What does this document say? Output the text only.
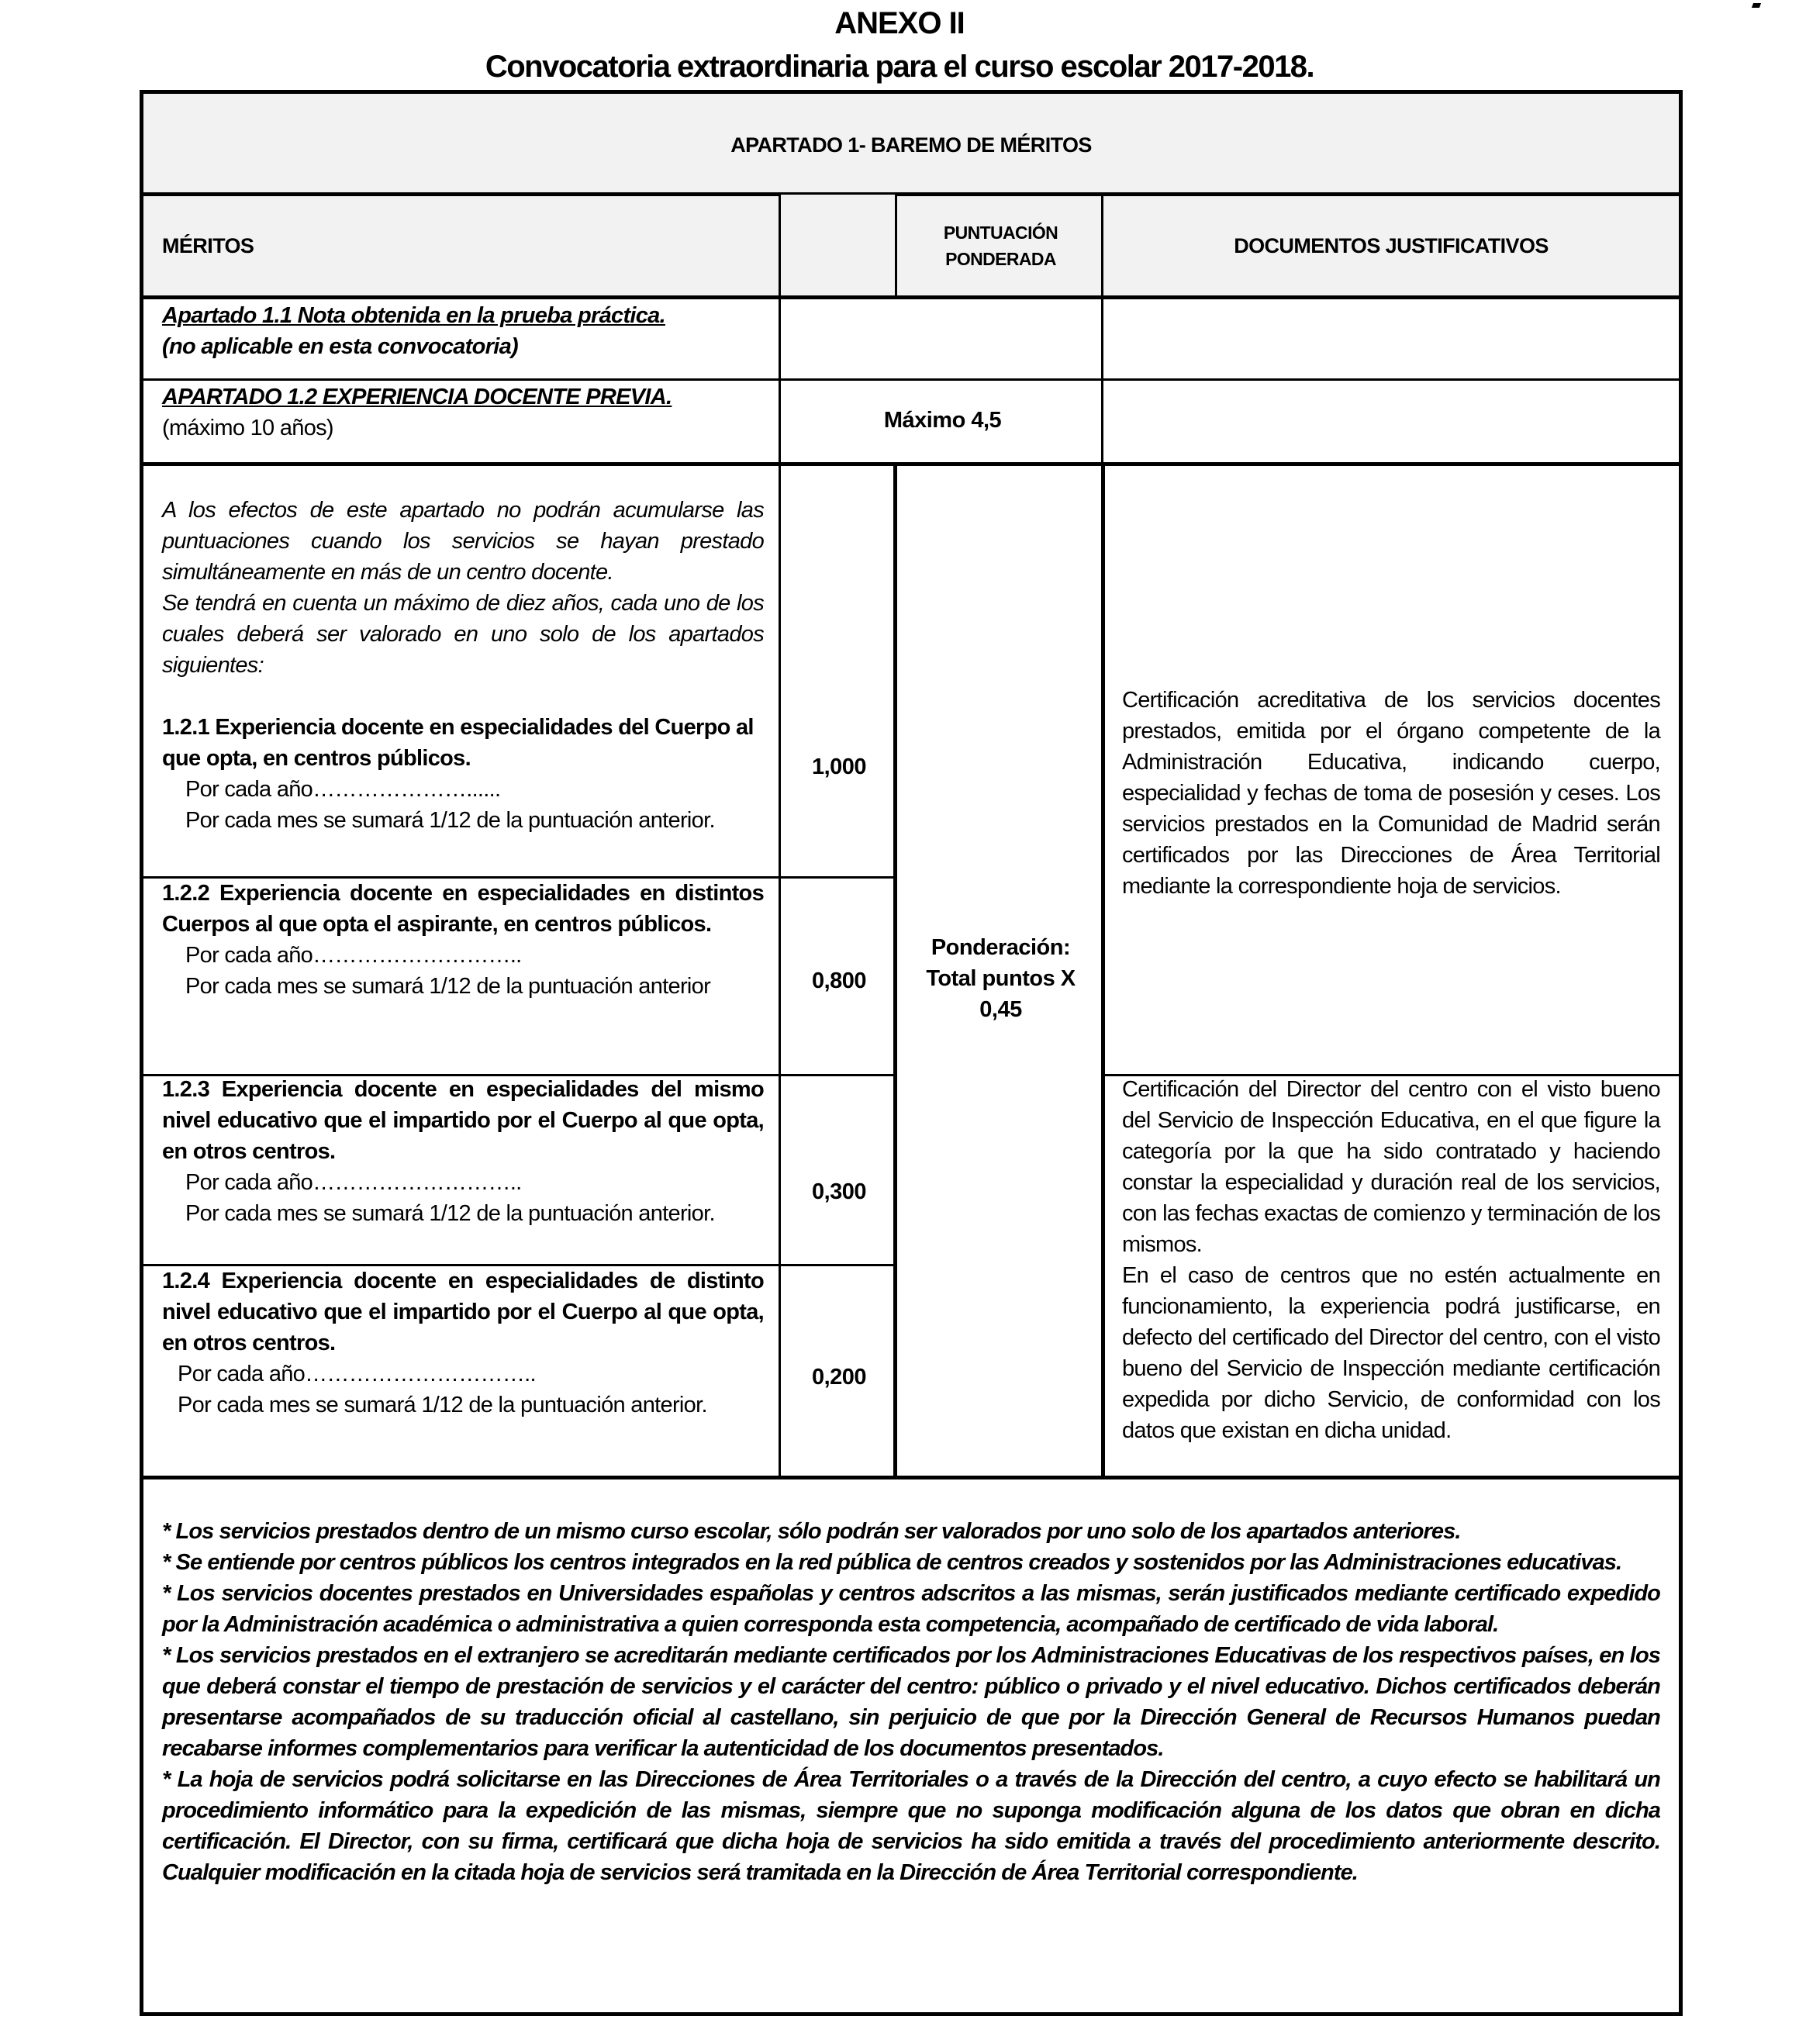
ANEXO II
Convocatoria extraordinaria para el curso escolar 2017-2018.
APARTADO 1- BAREMO DE MÉRITOS
MÉRITOS
PUNTUACIÓN
PONDERADA
DOCUMENTOS JUSTIFICATIVOS
Apartado 1.1 Nota obtenida en la prueba práctica.
(no aplicable en esta convocatoria)
APARTADO 1.2 EXPERIENCIA DOCENTE PREVIA.
(máximo 10 años)	Máximo 4,5

A los efectos de este apartado no podrán acumularse las puntuaciones cuando los servicios se hayan prestado simultáneamente en más de un centro docente.

Se tendrá en cuenta un máximo de diez años, cada uno de los cuales deberá ser valorado en uno solo de los apartados siguientes:

1.2.1 Experiencia docente en especialidades del Cuerpo al que opta, en centros públicos.

Por cada año…………………......

Por cada mes se sumará 1/12 de la puntuación anterior.

1,000

1.2.2 Experiencia docente en especialidades en distintos Cuerpos al que opta el aspirante, en centros públicos.

Por cada año………………………..

Por cada mes se sumará 1/12 de la puntuación anterior	0,800

1.2.3 Experiencia docente en especialidades del mismo nivel educativo que el impartido por el Cuerpo al que opta, en otros centros.

Por cada año………………………..

Por cada mes se sumará 1/12 de la puntuación anterior.

0,300

1.2.4 Experiencia docente en especialidades de distinto nivel educativo que el impartido por el Cuerpo al que opta, en otros centros.

Por cada año…………………………..

Por cada mes se sumará 1/12 de la puntuación anterior.

0,200
Ponderación:
Total puntos X
0,45

Certificación acreditativa de los servicios docentes prestados, emitida por el órgano competente de la Administración Educativa, indicando cuerpo, especialidad y fechas de toma de posesión y ceses. Los servicios prestados en la Comunidad de Madrid serán certificados por las Direcciones de Área Territorial mediante la correspondiente hoja de servicios.

Certificación del Director del centro con el visto bueno del Servicio de Inspección Educativa, en el que figure la categoría por la que ha sido contratado y haciendo constar la especialidad y duración real de los servicios, con las fechas exactas de comienzo y terminación de los mismos.

En el caso de centros que no estén actualmente en funcionamiento, la experiencia podrá justificarse, en defecto del certificado del Director del centro, con el visto bueno del Servicio de Inspección mediante certificación expedida por dicho Servicio, de conformidad con los datos que existan en dicha unidad.

* Los servicios prestados dentro de un mismo curso escolar, sólo podrán ser valorados por uno solo de los apartados anteriores.

* Se entiende por centros públicos los centros integrados en la red pública de centros creados y sostenidos por las Administraciones educativas.

* Los servicios docentes prestados en Universidades españolas y centros adscritos a las mismas, serán justificados mediante certificado expedido por la Administración académica o administrativa a quien corresponda esta competencia, acompañado de certificado de vida laboral.

* Los servicios prestados en el extranjero se acreditarán mediante certificados por los Administraciones Educativas de los respectivos países, en los que deberá constar el tiempo de prestación de servicios y el carácter del centro: público o privado y el nivel educativo. Dichos certificados deberán presentarse acompañados de su traducción oficial al castellano, sin perjuicio de que por la Dirección General de Recursos Humanos puedan recabarse informes complementarios para verificar la autenticidad de los documentos presentados.

* La hoja de servicios podrá solicitarse en las Direcciones de Área Territoriales o a través de la Dirección del centro, a cuyo efecto se habilitará un procedimiento informático para la expedición de las mismas, siempre que no suponga modificación alguna de los datos que obran en dicha certificación. El Director, con su firma, certificará que dicha hoja de servicios ha sido emitida a través del procedimiento anteriormente descrito. Cualquier modificación en la citada hoja de servicios será tramitada en la Dirección de Área Territorial correspondiente.
